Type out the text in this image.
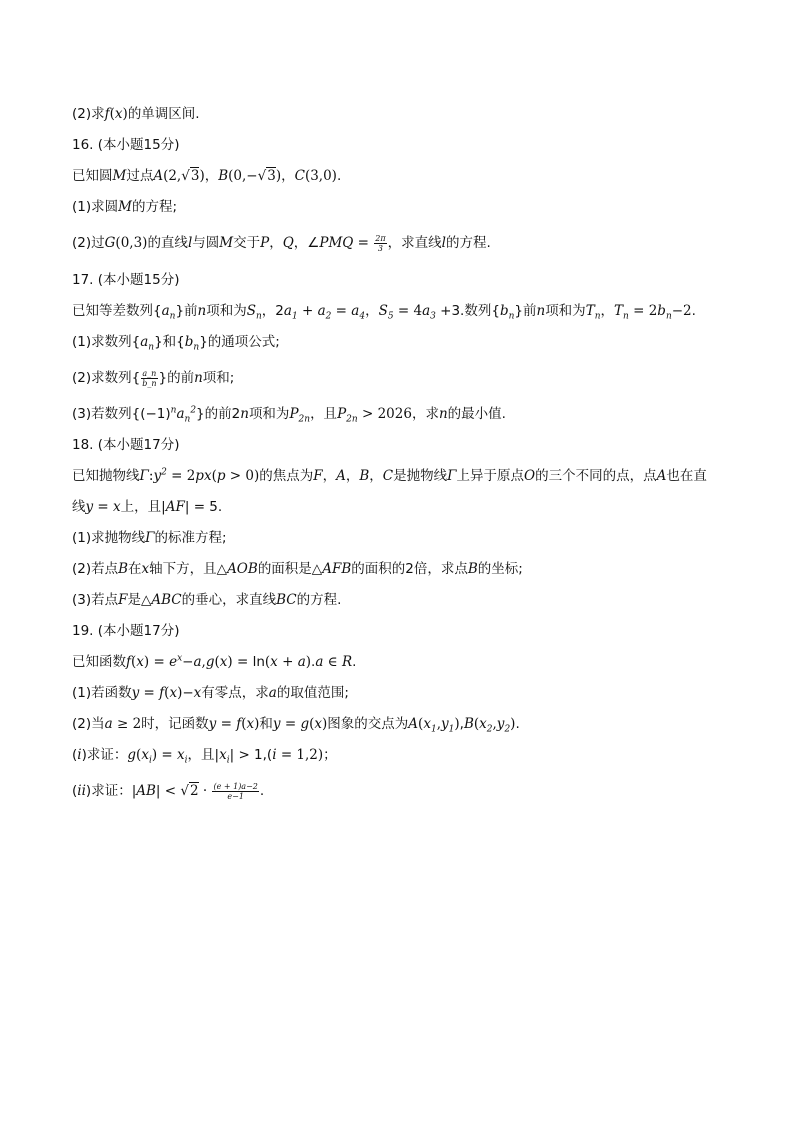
(2)求f(x)的单调区间.
16. (本小题15分)
已知圆M过点A(2,√3)，B(0,−√3)，C(3,0).
(1)求圆M的方程;
(2)过G(0,3)的直线l与圆M交于P，Q，∠PMQ = $\frac{2\pi}{3}$ ，求直线l的方程.
17. (本小题15分)
已知等差数列$\{a_n\}$前n项和为$S_n$，$2a_1 + a_2 = a_4$，$S_5 = 4a_3 +3$.数列$\{b_n\}$前n项和为$T_n$，$T_n = 2b_n-2$.
(1)求数列$\{a_n\}$和$\{b_n\}$的通项公式;
(2)求数列{ $\frac{a\_n}{b\_n}$ }的前n项和;
(3)若数列$\{(-1)^na_n^2\}$的前2n项和为$P_{2n}$，且$P_{2n} > 2026$，求n的最小值.
18. (本小题17分)
已知抛物线$\Gamma:y^2 = 2px(p > 0)$的焦点为F，A，B，C是抛物线Γ上异于原点O的三个不同的点，点A也在直
线y = x上，且|AF| = 5.
(1)求抛物线Γ的标准方程;
(2)若点B在x轴下方，且△AOB的面积是△AFB的面积的2倍，求点B的坐标;
(3)若点F是△ABC的垂心，求直线BC的方程.
19. (本小题17分)
已知函数$f(x) = e^x-a,g(x) = \ln(x + a).a$ ∈ R.
(1)若函数y = f(x)−x有零点，求a的取值范围;
(2)当a ≥ 2时，记函数y = f(x)和y = g(x)图象的交点为$A(x_1,y_1),B(x_2,y_2)$.
(i)求证：$g(x_i) = x_i$，且$|x_i| > 1,(i = 1,2)$；
(ii)求证：$|AB| < √2 \cdot \frac{(e + 1)a-2}{e-1}$ .
